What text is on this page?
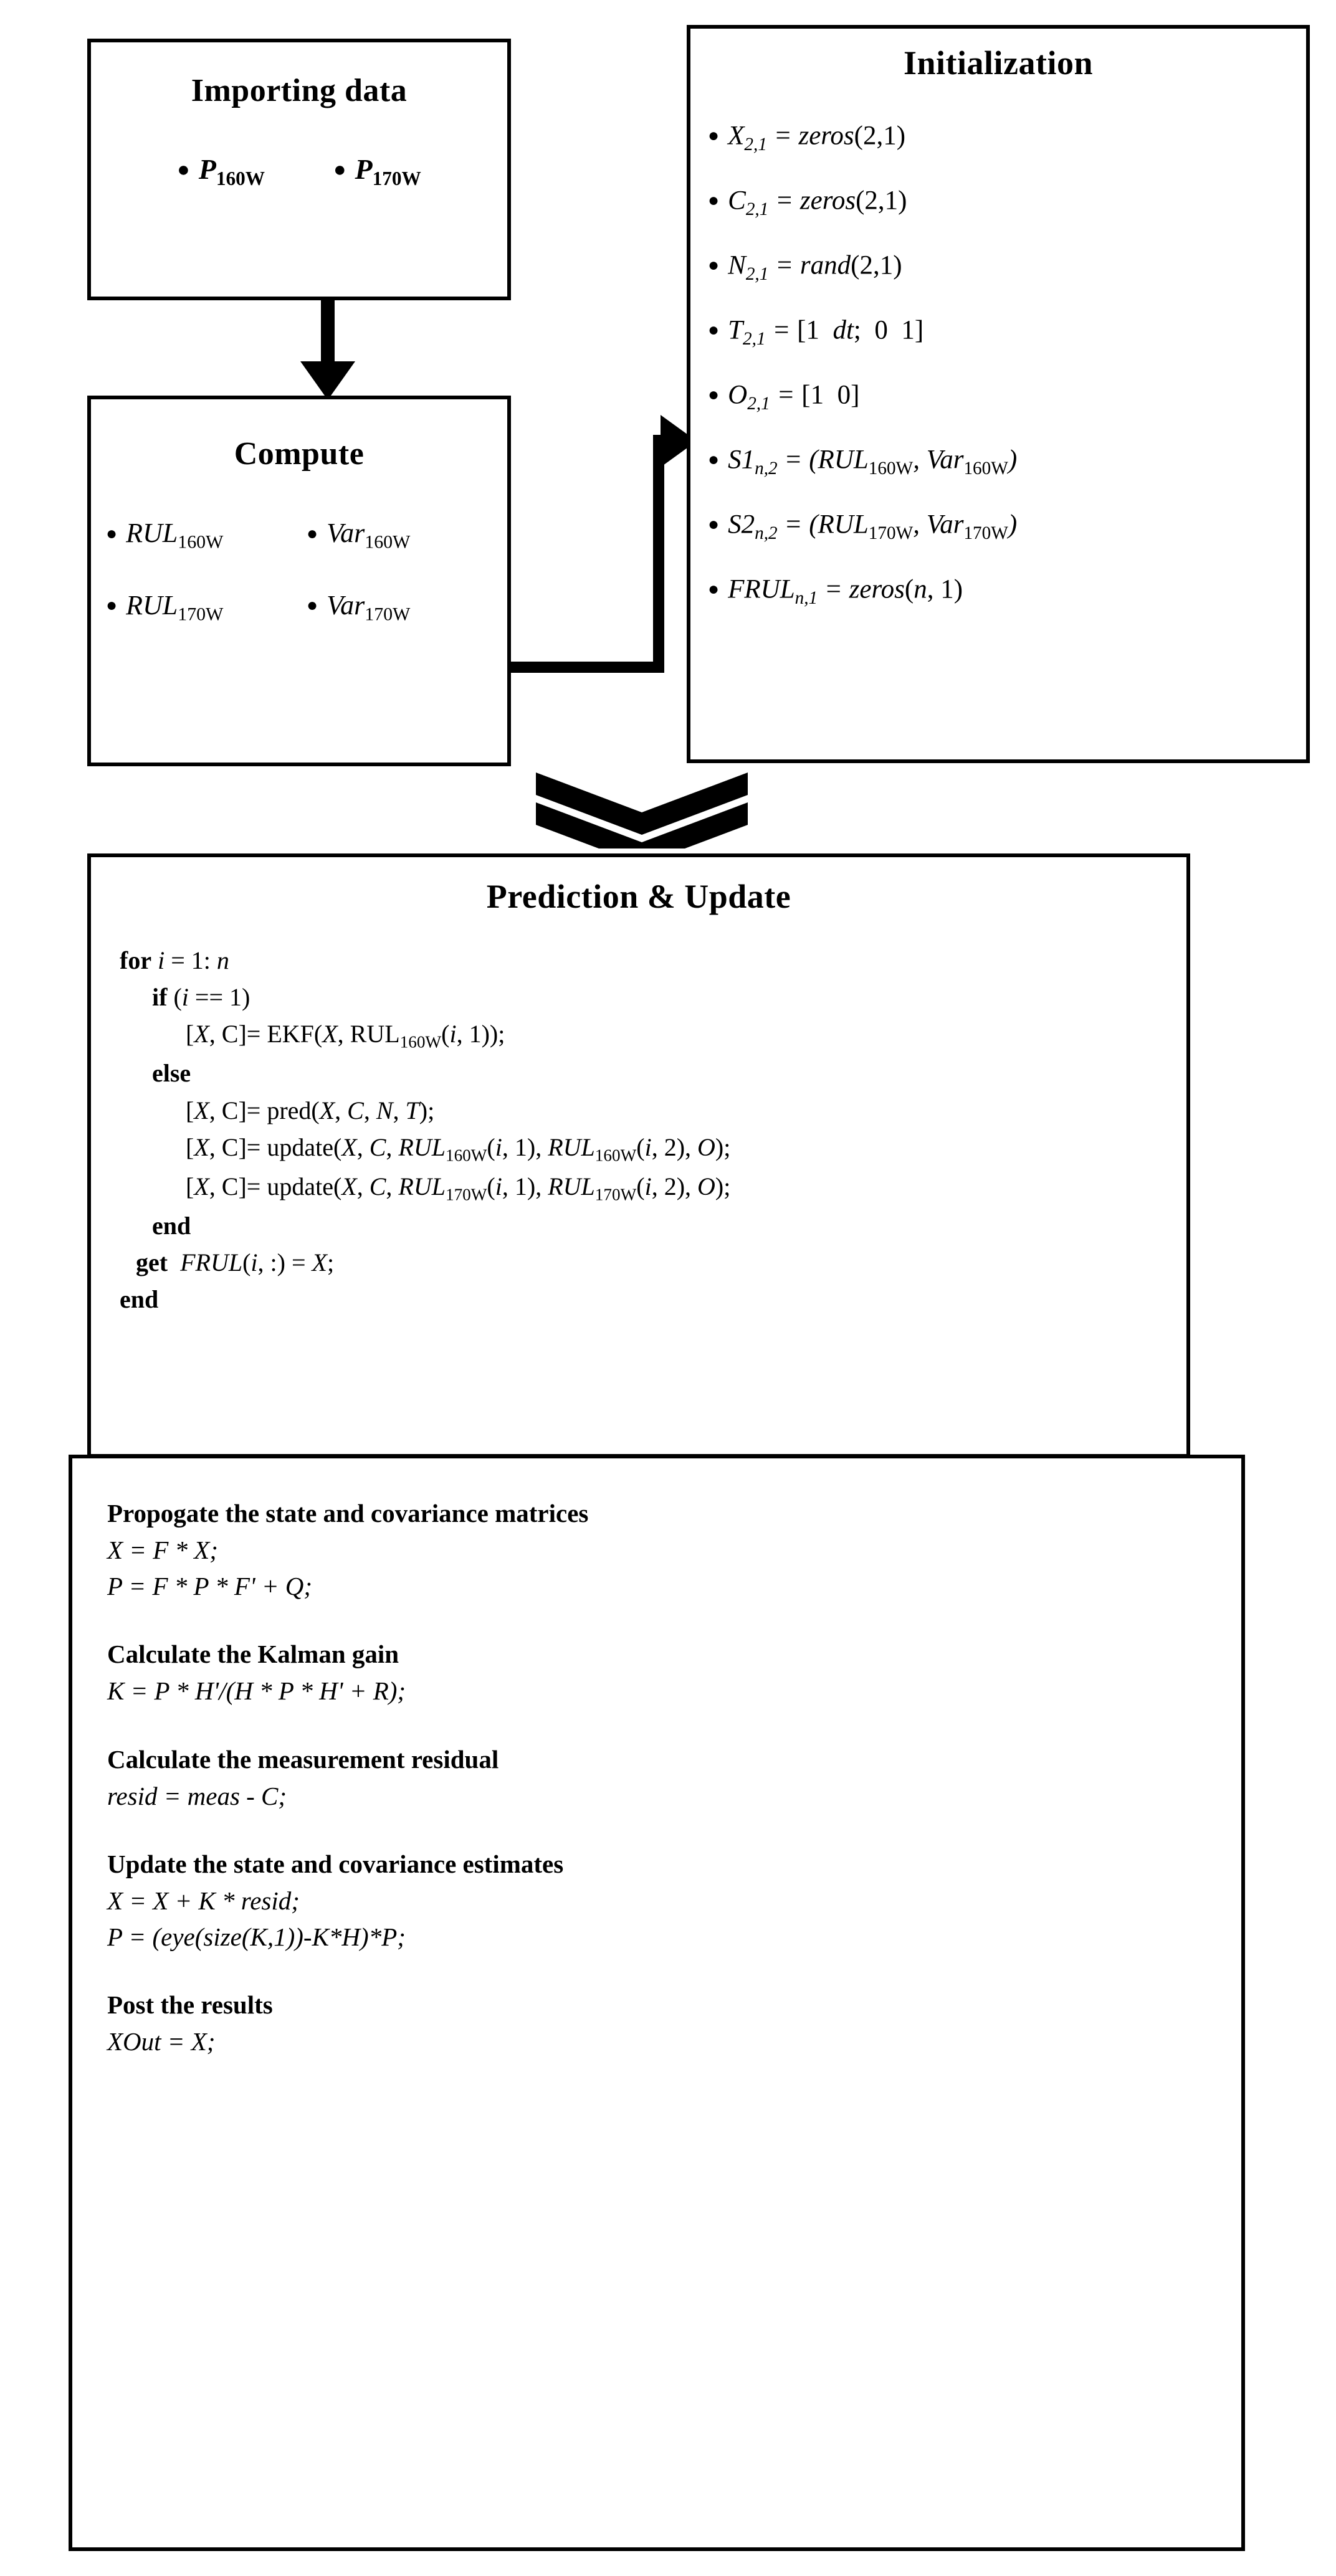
Importing data
● $P_{160W}$	● $P_{170W}$
Compute
● $RUL_{160W}$	● Var$_{160W}$
● $RUL_{170W}$	● Var$_{170W}$
Initialization
● $X_{2,1}$ = zeros(2,1)
● $C_{2,1}$ = zeros(2,1)
● $N_{2,1}$ = rand(2,1)
● $T_{2,1} = [1$  dt;  0  1]
● $O_{2,1} = [1$  0]
● $S1_{n,2} = (RUL_{160W}$, Var$_{160W}$)
● $S2_{n,2} = (RUL_{170W}$, Var$_{170W}$)
● $FRUL_{n,1}$ = zeros(n, 1)
Prediction & Update
for i = 1: n
if (i == 1)
[X, C]= EKF(X, $RUL_{160W}(i$, 1));
else
[X, C]= pred(X, C, N, T);
[X, C]= update(X, C, $RUL_{160W}(i$, 1), $RUL_{160W}(i$, 2), O);
[X, C]= update(X, C, $RUL_{170W}(i$, 1), $RUL_{170W}(i$, 2), O);
end
get  FRUL(i, :) = X;
end
Propogate the state and covariance matrices
X = F * X;
P = F * P * F' + Q;
Calculate the Kalman gain
K = P * H'/(H * P * H' + R);
Calculate the measurement residual
resid = meas - C;
Update the state and covariance estimates
X = X + K * resid;
P = (eye(size(K,1))-K*H)*P;
Post the results
XOut = X;
